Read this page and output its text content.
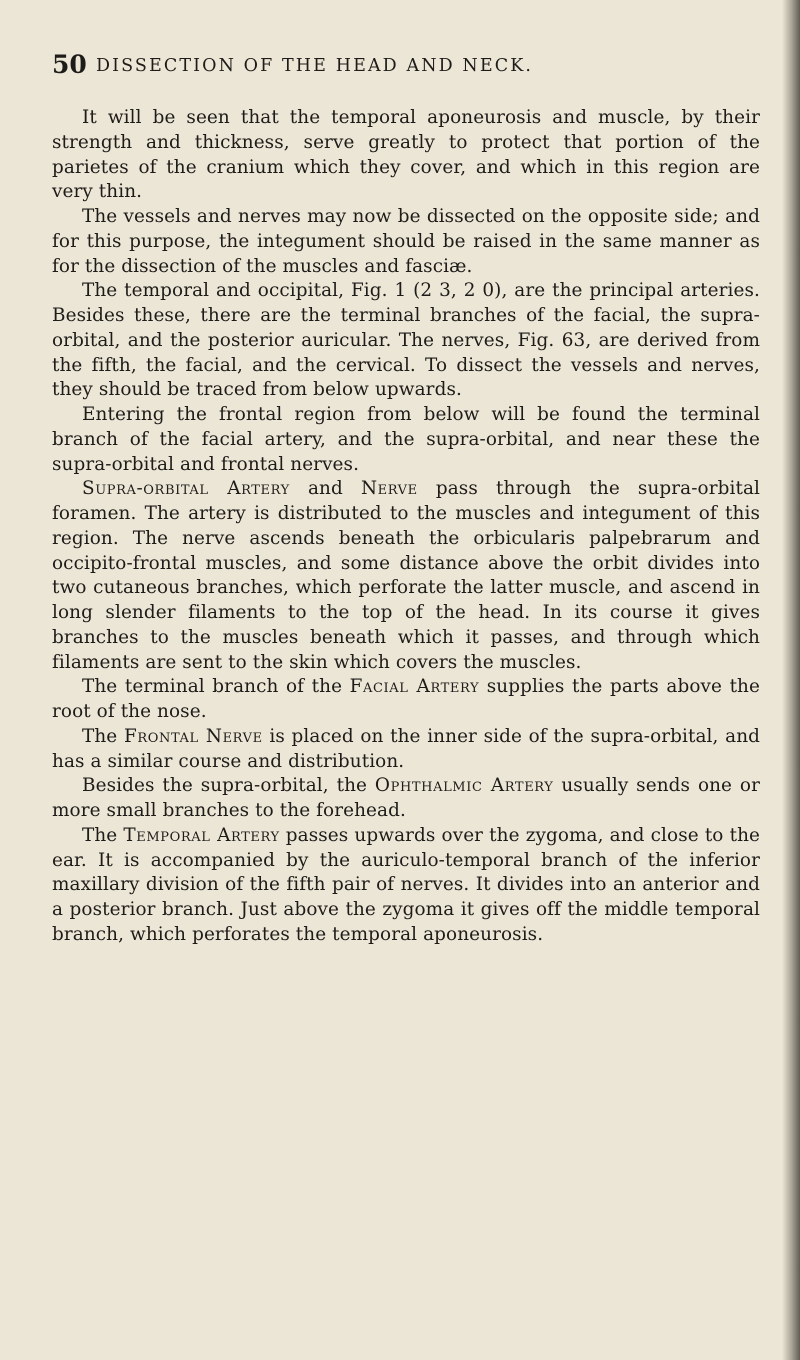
50 DISSECTION OF THE HEAD AND NECK.

It will be seen that the temporal aponeurosis and muscle, by their strength and thickness, serve greatly to protect that portion of the parietes of the cranium which they cover, and which in this region are very thin.

The vessels and nerves may now be dissected on the opposite side; and for this purpose, the integument should be raised in the same manner as for the dissection of the muscles and fasciæ.

The temporal and occipital, Fig. 1 (2 3, 2 0), are the principal arteries. Besides these, there are the terminal branches of the facial, the supra-orbital, and the posterior auricular. The nerves, Fig. 63, are derived from the fifth, the facial, and the cervical. To dissect the vessels and nerves, they should be traced from below upwards.

Entering the frontal region from below will be found the terminal branch of the facial artery, and the supra-orbital, and near these the supra-orbital and frontal nerves.

Supra-orbital Artery and Nerve pass through the supra-orbital foramen. The artery is distributed to the muscles and integument of this region. The nerve ascends beneath the orbicularis palpebrarum and occipito-frontal muscles, and some distance above the orbit divides into two cutaneous branches, which perforate the latter muscle, and ascend in long slender filaments to the top of the head. In its course it gives branches to the muscles beneath which it passes, and through which filaments are sent to the skin which covers the muscles.

The terminal branch of the Facial Artery supplies the parts above the root of the nose.

The Frontal Nerve is placed on the inner side of the supra-orbital, and has a similar course and distribution.

Besides the supra-orbital, the Ophthalmic Artery usually sends one or more small branches to the forehead.

The Temporal Artery passes upwards over the zygoma, and close to the ear. It is accompanied by the auriculo-temporal branch of the inferior maxillary division of the fifth pair of nerves. It divides into an anterior and a posterior branch. Just above the zygoma it gives off the middle temporal branch, which perforates the temporal aponeurosis.
